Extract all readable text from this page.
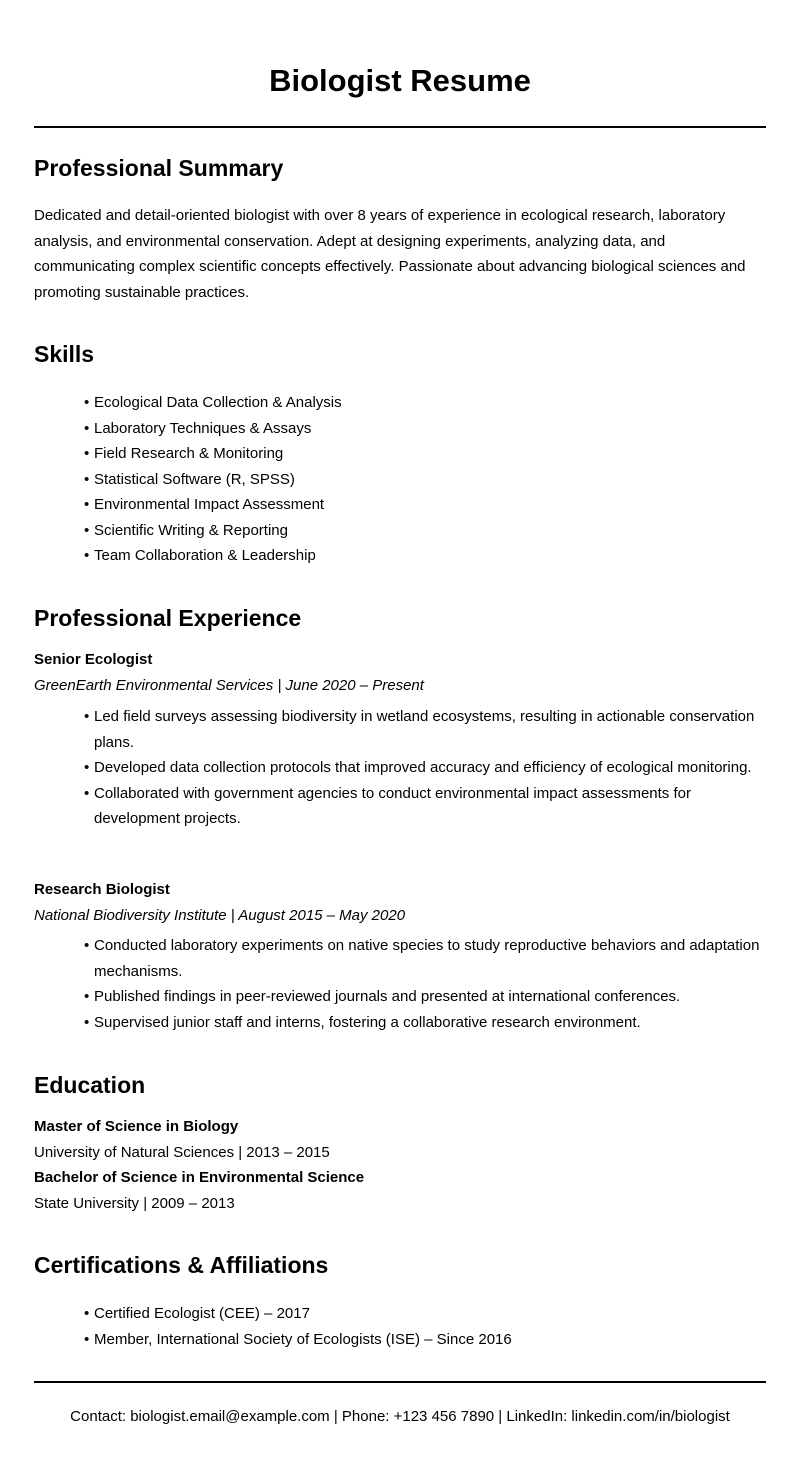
Biologist Resume
Professional Summary

Dedicated and detail-oriented biologist with over 8 years of experience in ecological research, laboratory analysis, and environmental conservation. Adept at designing experiments, analyzing data, and communicating complex scientific concepts effectively. Passionate about advancing biological sciences and promoting sustainable practices.

Skills
• Ecological Data Collection & Analysis
• Laboratory Techniques & Assays
• Field Research & Monitoring
• Statistical Software (R, SPSS)
• Environmental Impact Assessment
• Scientific Writing & Reporting
• Team Collaboration & Leadership
Professional Experience
Senior Ecologist
GreenEarth Environmental Services | June 2020 – Present
• Led field surveys assessing biodiversity in wetland ecosystems, resulting in actionable conservation plans.
• Developed data collection protocols that improved accuracy and efficiency of ecological monitoring.
• Collaborated with government agencies to conduct environmental impact assessments for development projects.
Research Biologist
National Biodiversity Institute | August 2015 – May 2020
• Conducted laboratory experiments on native species to study reproductive behaviors and adaptation mechanisms.
• Published findings in peer-reviewed journals and presented at international conferences.
• Supervised junior staff and interns, fostering a collaborative research environment.
Education
Master of Science in Biology
University of Natural Sciences | 2013 – 2015
Bachelor of Science in Environmental Science
State University | 2009 – 2013
Certifications & Affiliations
• Certified Ecologist (CEE) – 2017
• Member, International Society of Ecologists (ISE) – Since 2016
Contact: biologist.email@example.com | Phone: +123 456 7890 | LinkedIn: linkedin.com/in/biologist
